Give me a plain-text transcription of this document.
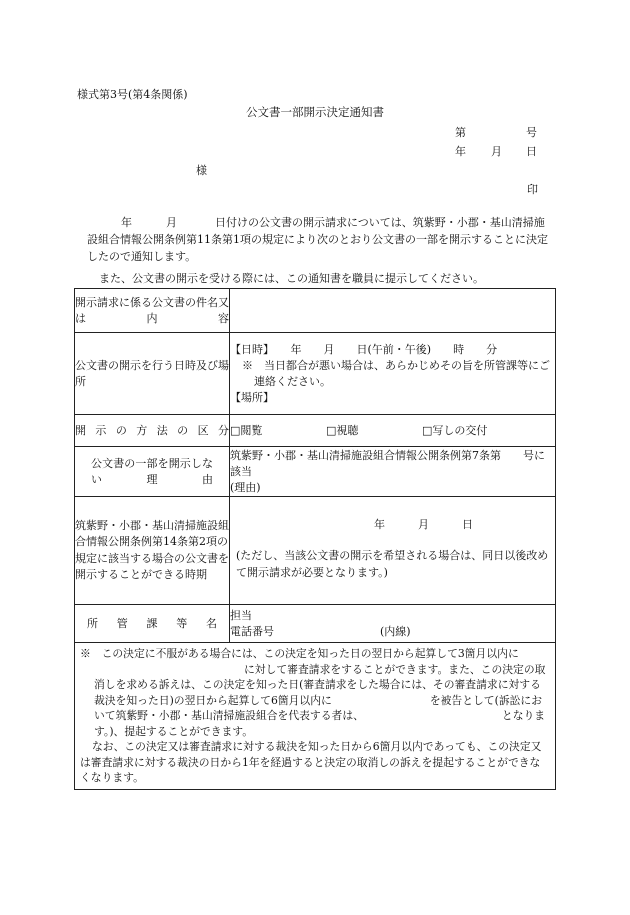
様式第3号(第4条関係)
公文書一部開示決定通知書
第	号
年 月 日
様
印
年	月	日付けの公文書の開示請求については、筑紫野・小郡・基山清掃施設組合情報公開条例第11条第1項の規定により次のとおり公文書の一部を開示することに決定したので通知します。
また、公文書の開示を受ける際には、この通知書を職員に提示してください。
開示請求に係る公文書の件名又は内容	

公文書の開示を行う日時及び場所	【日時】　　年　　月　　日(午前・午後)　　時　　分
※　当日都合が悪い場合は、あらかじめその旨を所管課等にご連絡ください。
【場所】

開示の方法の区分	□閲覧 □視聴 □写しの交付

公文書の一部を開示しない理由	筑紫野・小郡・基山清掃施設組合情報公開条例第7条第　　号に該当
(理由)

筑紫野・小郡・基山清掃施設組合情報公開条例第14条第2項の規定に該当する場合の公文書を開示することができる時期	年　　　月　　　日
(ただし、当該公文書の開示を希望される場合は、同日以後改めて開示請求が必要となります。)

所管課等名	担当
電話番号 (内線)

※　 この決定に不服がある場合には、この決定を知った日の翌日から起算して3箇月以内にに対して審査請求をすることができます。また、この決定の取消しを求める訴えは、この決定を知った日(審査請求をした場合には、その審査請求に対する裁決を知った日)の翌日から起算して6箇月以内に を被告として(訴訟において筑紫野・小郡・基山清掃施設組合を代表する者は、 となります。)、提起することができます。
なお、この決定又は審査請求に対する裁決を知った日から6箇月以内であっても、この決定又は審査請求に対する裁決の日から1年を経過すると決定の取消しの訴えを提起することができなくなります。	
